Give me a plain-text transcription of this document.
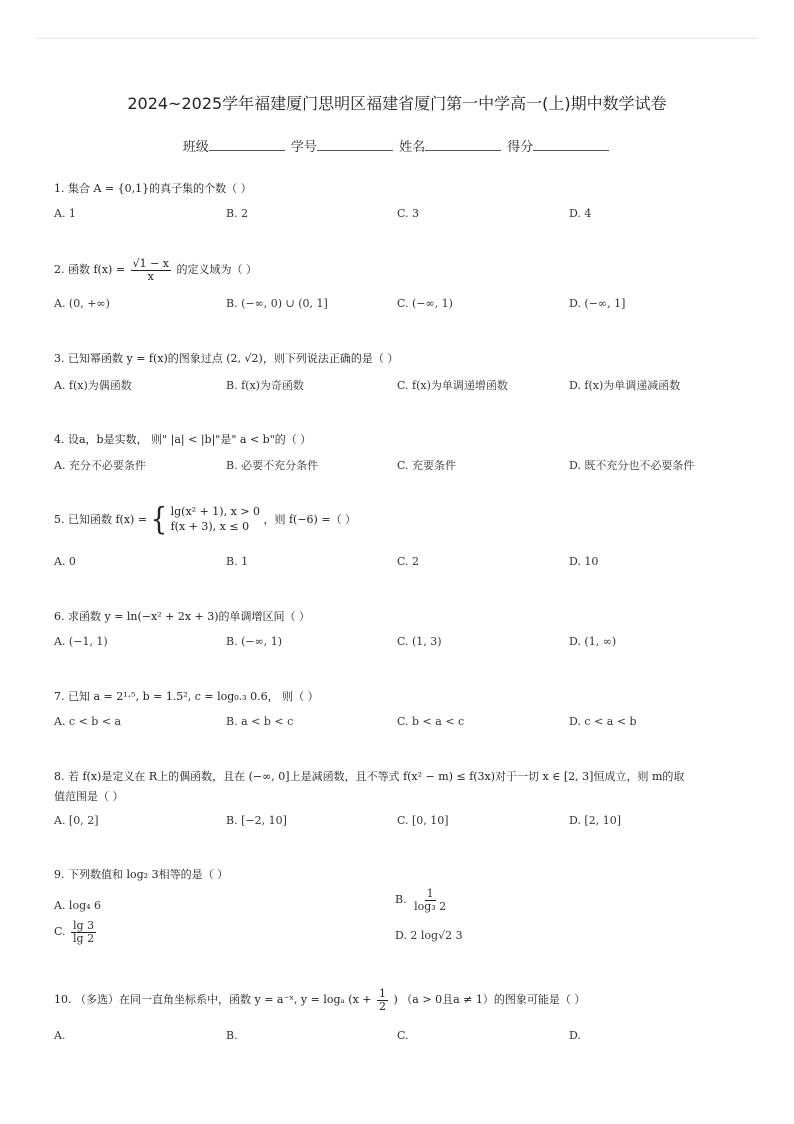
2024~2025学年福建厦门思明区福建省厦门第一中学高一(上)期中数学试卷
班级	学号	姓名	得分
1. 集合 A = {0,1}的真子集的个数（ ）
A. 1	B. 2	C. 3	D. 4
2. 函数 $f(x) = \frac{√1 - x}{x}$ 的定义域为（ ）
A. (0, +∞)	B. (−∞, 0) ∪ (0, 1]	C. (−∞, 1)	D. (−∞, 1]
3. 已知幂函数 y = f(x)的图象过点 (2, √2)，则下列说法正确的是（ ）
A. f(x)为偶函数	B. f(x)为奇函数	C. f(x)为单调递增函数	D. f(x)为单调递减函数
4. 设a，b是实数， 则" |a| < |b|"是" a < b"的（ ）
A. 充分不必要条件	B. 必要不充分条件	C. 充要条件	D. 既不充分也不必要条件
5. 已知函数 f(x) = { lg(x² + 1), x > 0
f(x + 3), x ≤ 0
，则 f(−6) =（ ）
A. 0	B. 1	C. 2	D. 10
6. 求函数 y = ln(−x² + 2x + 3)的单调增区间（ ）
A. (−1, 1)	B. (−∞, 1)	C. (1, 3)	D. (1, ∞)
7. 已知 a = 2¹·⁵, b = 1.5², c = log₀.₃ 0.6， 则（ ）
A. c < b < a	B. a < b < c	C. b < a < c	D. c < a < b
8. 若 f(x)是定义在 R上的偶函数，且在 (−∞, 0]上是减函数，且不等式 f(x² − m) ≤ f(3x)对于一切 x ∈ [2, 3]恒成立，则 m的取
值范围是（ ）
A. [0, 2]	B. [−2, 10]	C. [0, 10]	D. [2, 10]
9. 下列数值和 log₂ 3相等的是（ ）
A. log₄ 6	B. $\frac{1}{\text{log₃ 2}}$
C. $\frac{\lg 3}{\lg 2}$	D. 2 log√2 3
10. （多选）在同一直角坐标系中，函数 y = a⁻ˣ, y = logₐ ($x + \frac{1}{2}$ ) （a > 0且a ≠ 1）的图象可能是（ ）
A.	B.	C.	D.
